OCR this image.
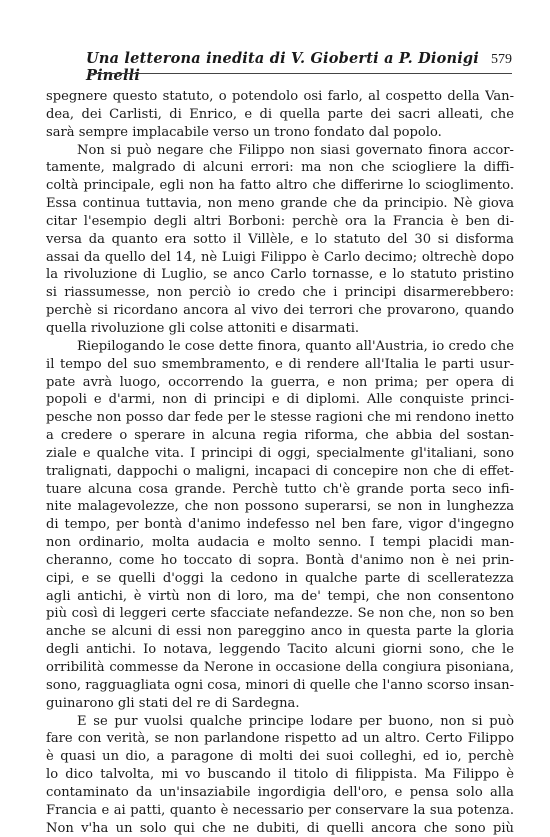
Una letterona inedita di V. Gioberti a P. Dionigi Pinelli
579
spegnere questo statuto, o potendolo osi farlo, al cospetto della Van-
dea, dei Carlisti, di Enrico, e di quella parte dei sacri alleati, che
sarà sempre implacabile verso un trono fondato dal popolo.
Non si può negare che Filippo non siasi governato finora accor-
tamente, malgrado di alcuni errori: ma non che sciogliere la diffi-
coltà principale, egli non ha fatto altro che differirne lo scioglimento.
Essa continua tuttavia, non meno grande che da principio. Nè giova
citar l'esempio degli altri Borboni: perchè ora la Francia è ben di-
versa da quanto era sotto il Villèle, e lo statuto del 30 si disforma
assai da quello del 14, nè Luigi Filippo è Carlo decimo; oltrechè dopo
la rivoluzione di Luglio, se anco Carlo tornasse, e lo statuto pristino
si riassumesse, non perciò io credo che i principi disarmerebbero:
perchè si ricordano ancora al vivo dei terrori che provarono, quando
quella rivoluzione gli colse attoniti e disarmati.
Riepilogando le cose dette finora, quanto all'Austria, io credo che
il tempo del suo smembramento, e di rendere all'Italia le parti usur-
pate avrà luogo, occorrendo la guerra, e non prima; per opera di
popoli e d'armi, non di principi e di diplomi. Alle conquiste princi-
pesche non posso dar fede per le stesse ragioni che mi rendono inetto
a credere o sperare in alcuna regia riforma, che abbia del sostan-
ziale e qualche vita. I principi di oggi, specialmente gl'italiani, sono
tralignati, dappochi o maligni, incapaci di concepire non che di effet-
tuare alcuna cosa grande. Perchè tutto ch'è grande porta seco infi-
nite malagevolezze, che non possono superarsi, se non in lunghezza
di tempo, per bontà d'animo indefesso nel ben fare, vigor d'ingegno
non ordinario, molta audacia e molto senno. I tempi placidi man-
cheranno, come ho toccato di sopra. Bontà d'animo non è nei prin-
cipi, e se quelli d'oggi la cedono in qualche parte di scelleratezza
agli antichi, è virtù non di loro, ma de' tempi, che non consentono
più così di leggeri certe sfacciate nefandezze. Se non che, non so ben
anche se alcuni di essi non pareggino anco in questa parte la gloria
degli antichi. Io notava, leggendo Tacito alcuni giorni sono, che le
orribilità commesse da Nerone in occasione della congiura pisoniana,
sono, ragguagliata ogni cosa, minori di quelle che l'anno scorso insan-
guinarono gli stati del re di Sardegna.
E se pur vuolsi qualche principe lodare per buono, non si può
fare con verità, se non parlandone rispetto ad un altro. Certo Filippo
è quasi un dio, a paragone di molti dei suoi colleghi, ed io, perchè
lo dico talvolta, mi vo buscando il titolo di filippista. Ma Filippo è
contaminato da un'insaziabile ingordigia dell'oro, e pensa solo alla
Francia e ai patti, quanto è necessario per conservare la sua potenza.
Non v'ha un solo qui che ne dubiti, di quelli ancora che sono più
